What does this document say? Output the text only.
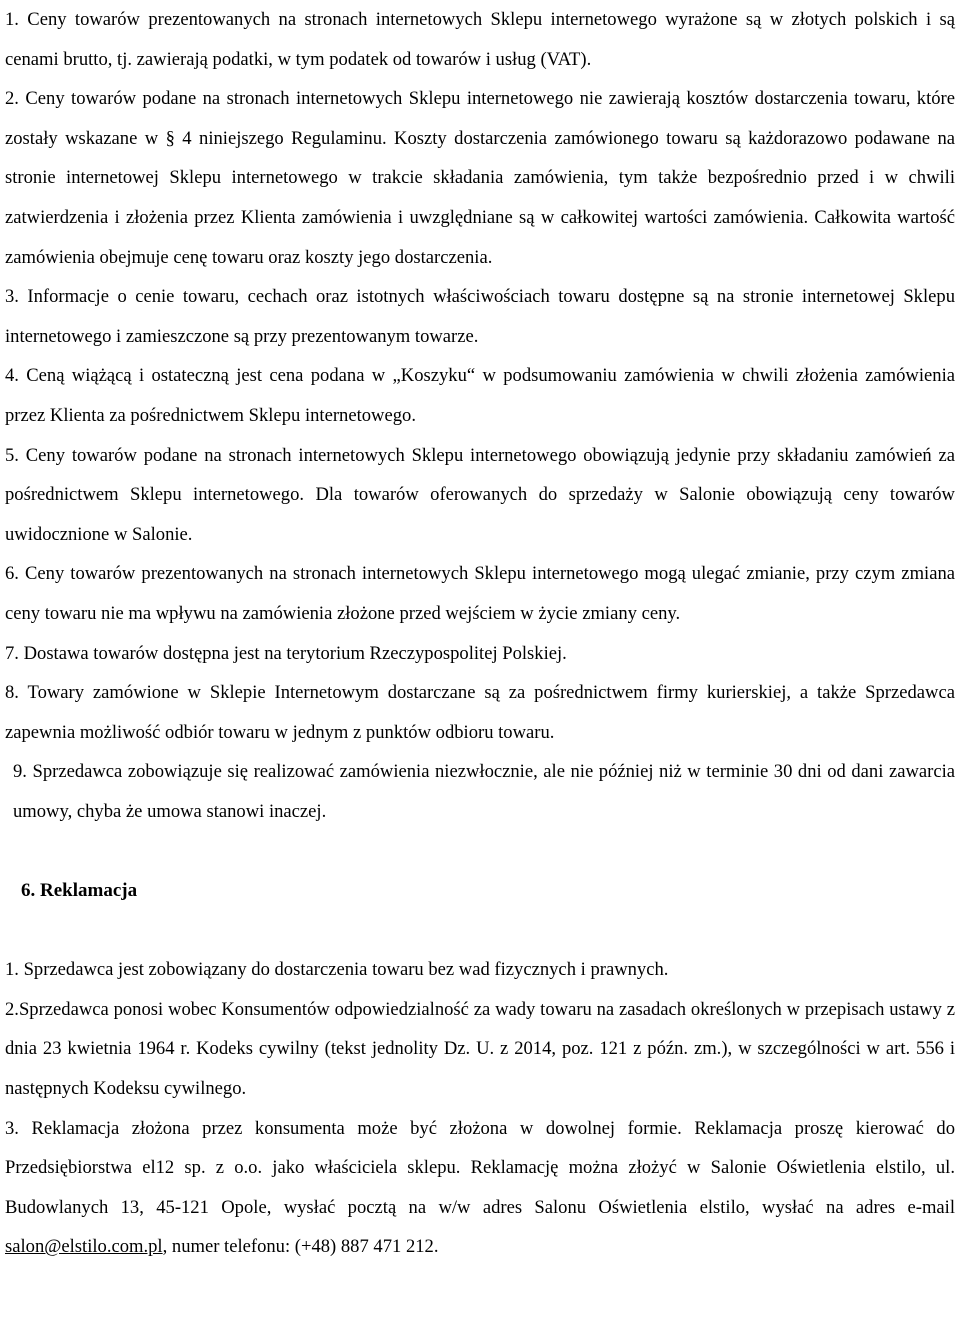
1. Ceny towarów prezentowanych na stronach internetowych Sklepu internetowego wyrażone są w złotych polskich i są cenami brutto, tj. zawierają podatki, w tym podatek od towarów i usług (VAT).

2. Ceny towarów podane na stronach internetowych Sklepu internetowego nie zawierają kosztów dostarczenia towaru, które zostały wskazane w § 4 niniejszego Regulaminu. Koszty dostarczenia zamówionego towaru są każdorazowo podawane na stronie internetowej Sklepu internetowego w trakcie składania zamówienia, tym także bezpośrednio przed i w chwili zatwierdzenia i złożenia przez Klienta zamówienia i uwzględniane są w całkowitej wartości zamówienia. Całkowita wartość zamówienia obejmuje cenę towaru oraz koszty jego dostarczenia.

3. Informacje o cenie towaru, cechach oraz istotnych właściwościach towaru dostępne są na stronie internetowej Sklepu internetowego i zamieszczone są przy prezentowanym towarze.

4. Ceną wiążącą i ostateczną jest cena podana w „Koszyku“ w podsumowaniu zamówienia w chwili złożenia zamówienia przez Klienta za pośrednictwem Sklepu internetowego.

5. Ceny towarów podane na stronach internetowych Sklepu internetowego obowiązują jedynie przy składaniu zamówień za pośrednictwem Sklepu internetowego. Dla towarów oferowanych do sprzedaży w Salonie obowiązują ceny towarów uwidocznione w Salonie.

6. Ceny towarów prezentowanych na stronach internetowych Sklepu internetowego mogą ulegać zmianie, przy czym zmiana ceny towaru nie ma wpływu na zamówienia złożone przed wejściem w życie zmiany ceny.

7. Dostawa towarów dostępna jest na terytorium Rzeczypospolitej Polskiej.

8. Towary zamówione w Sklepie Internetowym dostarczane są za pośrednictwem firmy kurierskiej, a także Sprzedawca zapewnia możliwość odbiór towaru w jednym z punktów odbioru towaru.

9. Sprzedawca zobowiązuje się realizować zamówienia niezwłocznie, ale nie później niż w terminie 30 dni od dani zawarcia umowy, chyba że umowa stanowi inaczej.

6. Reklamacja

1. Sprzedawca jest zobowiązany do dostarczenia towaru bez wad fizycznych i prawnych.

2.Sprzedawca ponosi wobec Konsumentów odpowiedzialność za wady towaru na zasadach określonych w przepisach ustawy z dnia 23 kwietnia 1964 r. Kodeks cywilny (tekst jednolity Dz. U. z 2014, poz. 121 z późn. zm.), w szczególności w art. 556 i następnych Kodeksu cywilnego.

3. Reklamacja złożona przez konsumenta może być złożona w dowolnej formie. Reklamacja proszę kierować do Przedsiębiorstwa el12 sp. z o.o. jako właściciela sklepu. Reklamację można złożyć w Salonie Oświetlenia elstilo, ul. Budowlanych 13, 45-121 Opole, wysłać pocztą na w/w adres Salonu Oświetlenia elstilo, wysłać na adres e-mail salon@elstilo.com.pl, numer telefonu: (+48) 887 471 212.
